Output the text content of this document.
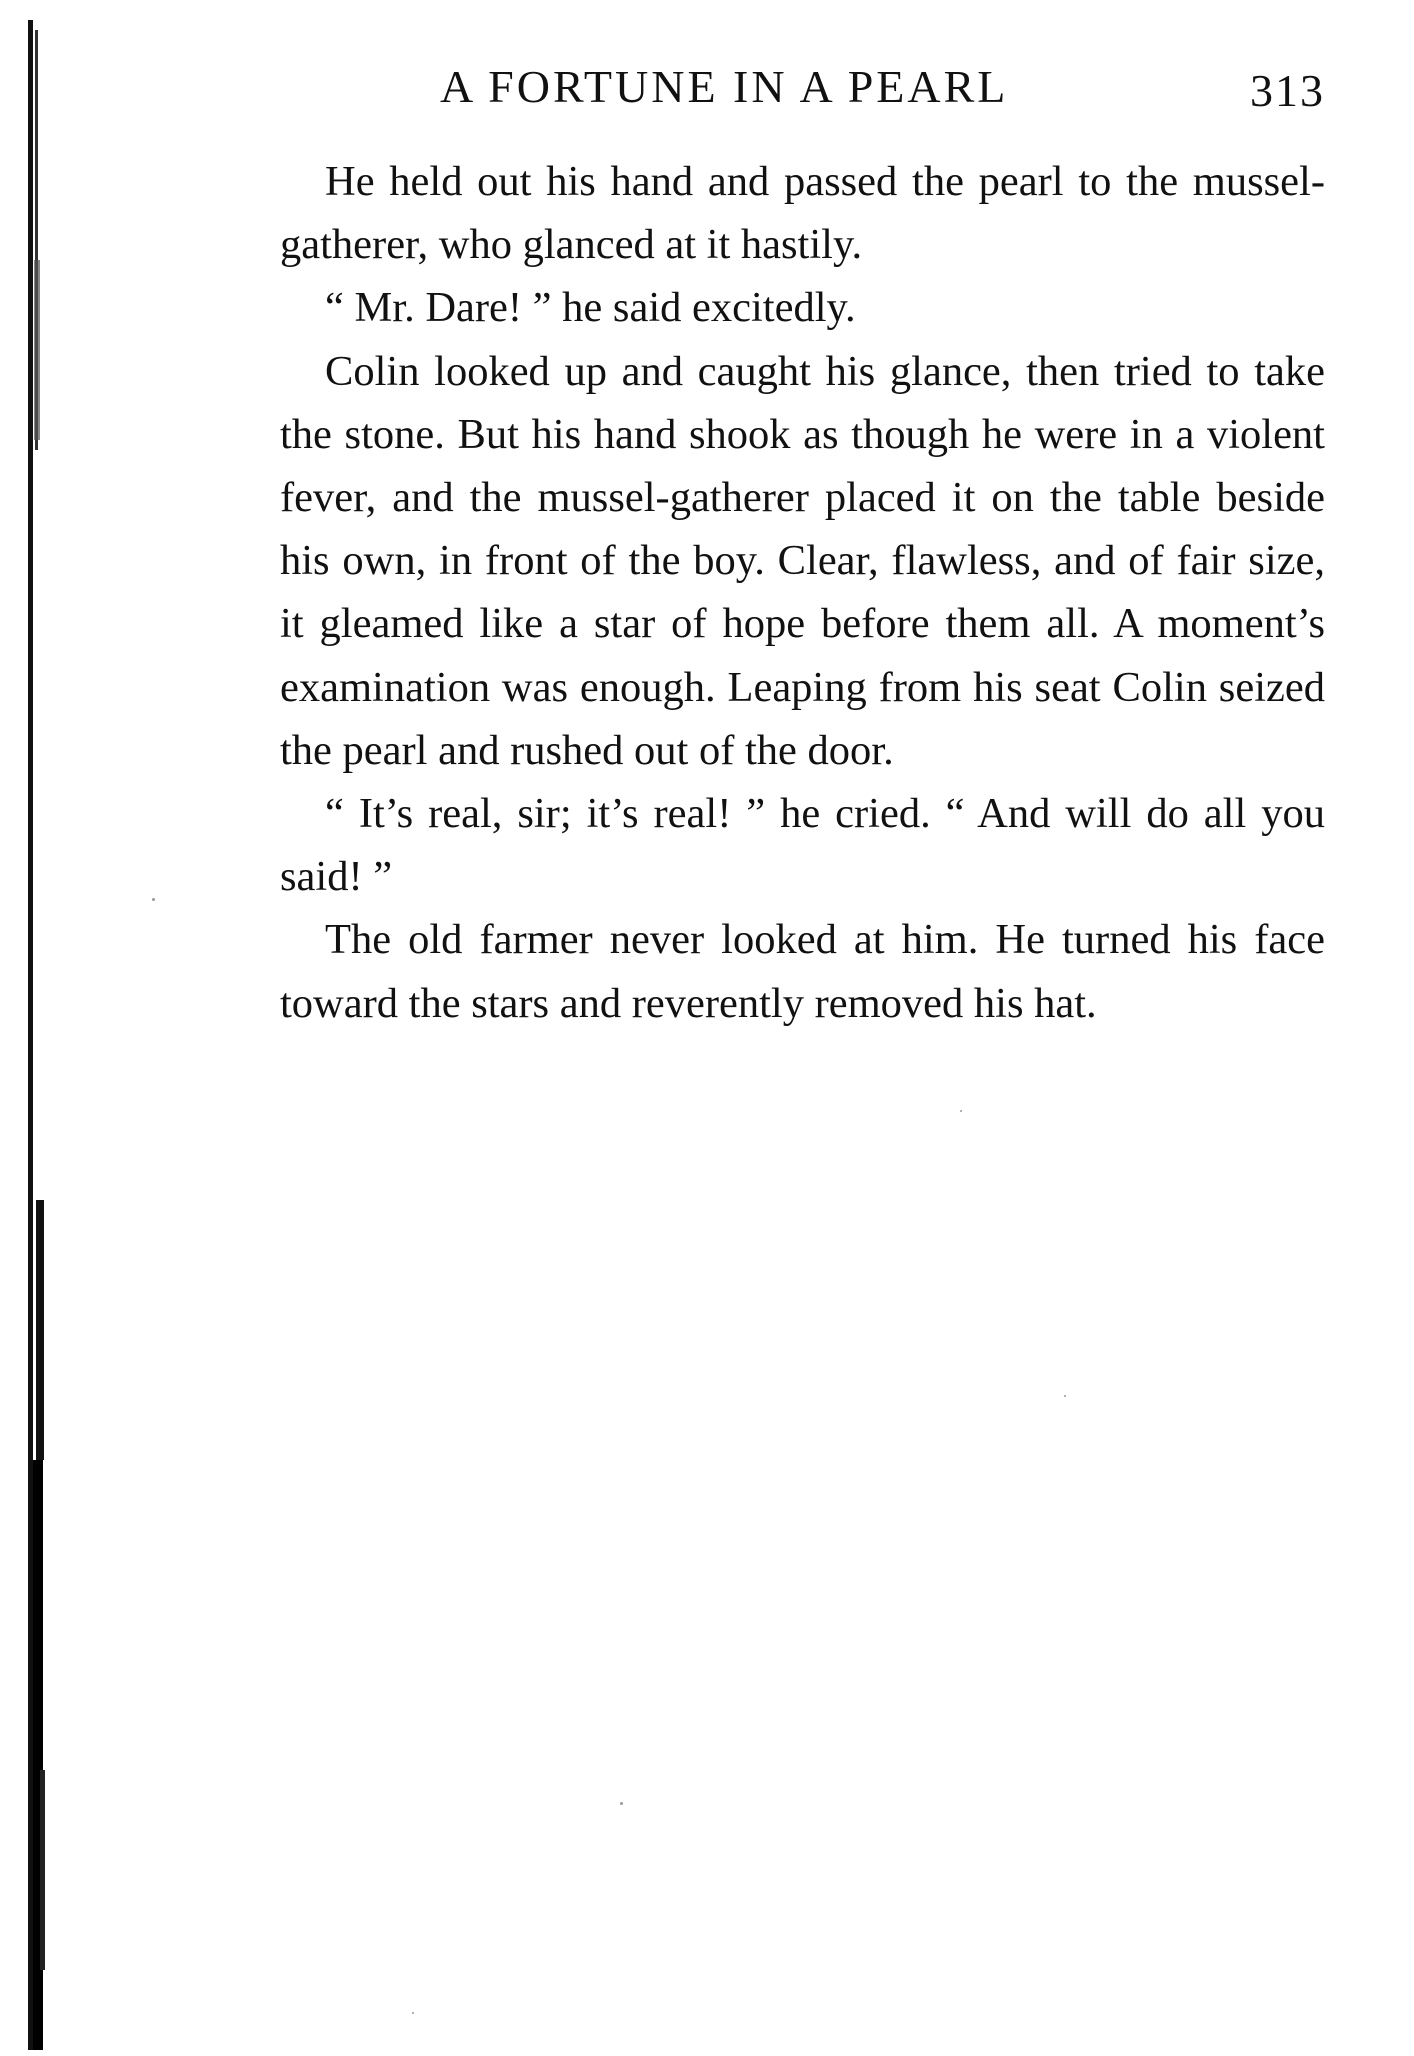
A FORTUNE IN A PEARL	313

He held out his hand and passed the pearl to the mussel-gatherer, who glanced at it hastily.

“ Mr. Dare! ” he said excitedly.

Colin looked up and caught his glance, then tried to take the stone. But his hand shook as though he were in a violent fever, and the mussel-gatherer placed it on the table beside his own, in front of the boy. Clear, flawless, and of fair size, it gleamed like a star of hope before them all. A moment’s examination was enough. Leaping from his seat Colin seized the pearl and rushed out of the door.

“ It’s real, sir; it’s real! ” he cried. “ And will do all you said! ”

The old farmer never looked at him. He turned his face toward the stars and reverently removed his hat.
